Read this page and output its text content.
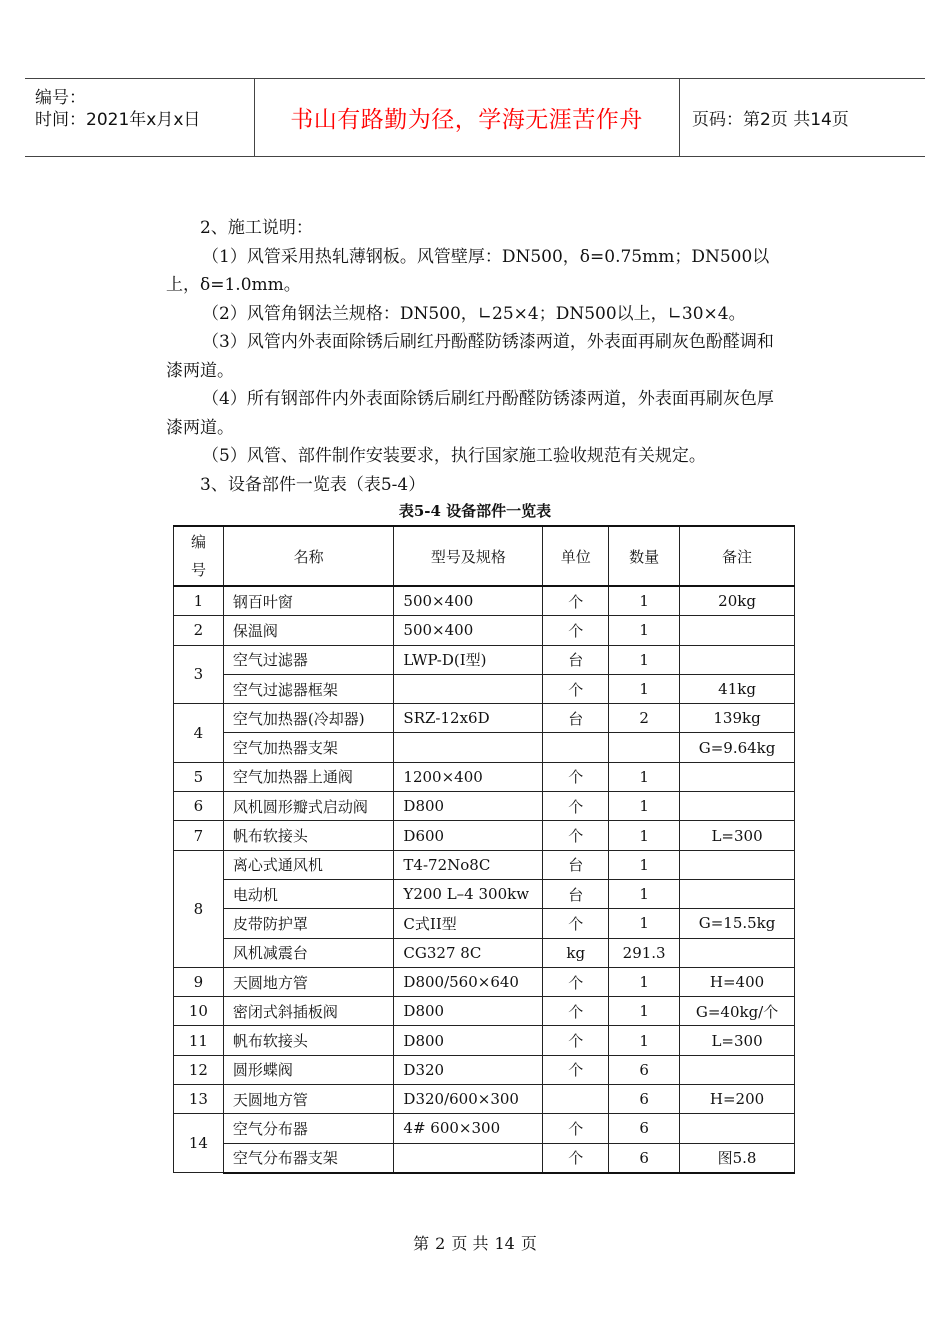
编号：
时间：2021年x月x日	书山有路勤为径，学海无涯苦作舟	页码：第2页 共14页

2、施工说明：

（1）风管采用热轧薄钢板。风管壁厚：DN500，δ=0.75mm；DN500以上，δ=1.0mm。

（2）风管角钢法兰规格：DN500，∟25×4；DN500以上，∟30×4。

（3）风管内外表面除锈后刷红丹酚醛防锈漆两道，外表面再刷灰色酚醛调和漆两道。

（4）所有钢部件内外表面除锈后刷红丹酚醛防锈漆两道，外表面再刷灰色厚漆两道。

（5）风管、部件制作安装要求，执行国家施工验收规范有关规定。

3、设备部件一览表（表5-4）

表5-4 设备部件一览表
编
号	名称	型号及规格	单位	数量	备注
1	钢百叶窗	500×400	个	1	20kg
2	保温阀	500×400	个	1	
3	空气过滤器	LWP-D(I型)	台	1	
	空气过滤器框架		个	1	41kg
4	空气加热器(冷却器)	SRZ-12x6D	台	2	139kg
	空气加热器支架				G=9.64kg
5	空气加热器上通阀	1200×400	个	1	
6	风机圆形瓣式启动阀	D800	个	1	
7	帆布软接头	D600	个	1	L=300
8	离心式通风机	T4-72No8C	台	1	
	电动机	Y200 L–4 300kw	台	1	
	皮带防护罩	C式II型	个	1	G=15.5kg
	风机减震台	CG327 8C	kg	291.3	
9	天圆地方管	D800/560×640	个	1	H=400
10	密闭式斜插板阀	D800	个	1	G=40kg/个
11	帆布软接头	D800	个	1	L=300
12	圆形蝶阀	D320	个	6	
13	天圆地方管	D320/600×300		6	H=200
14	空气分布器	4# 600×300	个	6	
	空气分布器支架		个	6	图5.8
第 2 页 共 14 页
